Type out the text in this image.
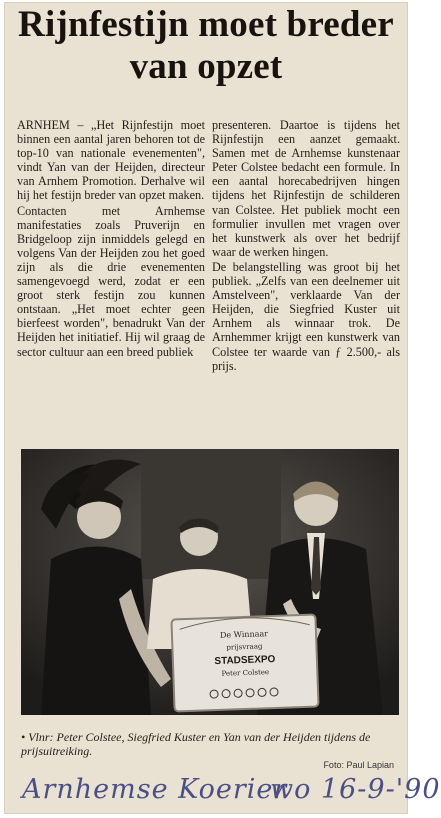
Rijnfestijn moet breder van opzet

ARNHEM – „Het Rijnfestijn moet binnen een aantal jaren behoren tot de top-10 van nationale evenementen", vindt Yan van der Heijden, directeur van Arnhem Promotion. Derhalve wil hij het festijn breder van opzet maken.

Contacten met Arnhemse manifestaties zoals Pruverijn en Bridgeloop zijn inmiddels gelegd en volgens Van der Heijden zou het goed zijn als die drie evenementen samengevoegd werd, zodat er een groot sterk festijn zou kunnen ontstaan. „Het moet echter geen bierfeest worden", benadrukt Van der Heijden het initiatief. Hij wil graag de sector cultuur aan een breed publiek

presenteren. Daartoe is tijdens het Rijnfestijn een aanzet gemaakt. Samen met de Arnhemse kunstenaar Peter Colstee bedacht een formule. In een aantal horecabedrijven hingen tijdens het Rijnfestijn de schilderen van Colstee. Het publiek mocht een formulier invullen met vragen over het kunstwerk als over het bedrijf waar de werken hingen.

De belangstelling was groot bij het publiek. „Zelfs van een deelnemer uit Amstelveen", verklaarde Van der Heijden, die Siegfried Kuster uit Arnhem als winnaar trok. De Arnhemmer krijgt een kunstwerk van Colstee ter waarde van ƒ 2.500,- als prijs.

De Winnaar
prijsvraag
STADSEXPO
Peter Colstee
• Vlnr: Peter Colstee, Siegfried Kuster en Yan van der Heijden tijdens de prijsuitreiking.
Foto: Paul Lapian
Arnhemse Koerier
wo 16-9-'90
